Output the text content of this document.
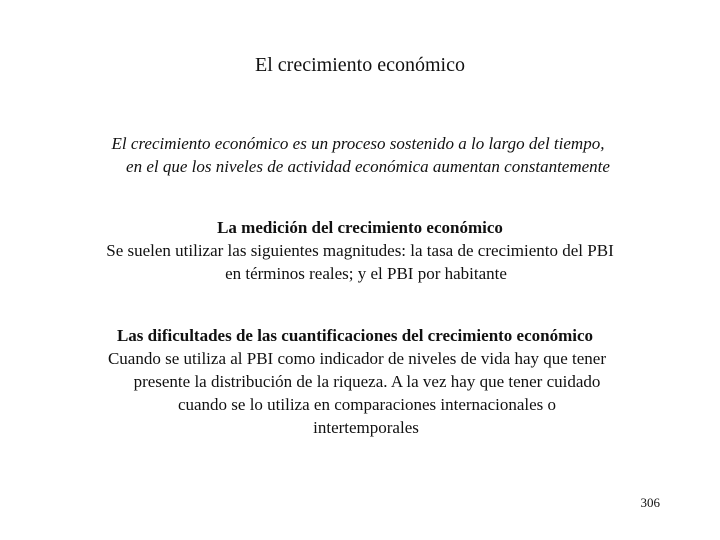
El crecimiento económico
El crecimiento económico es un proceso sostenido a lo largo del tiempo,
en el que los niveles de actividad económica aumentan constantemente
La medición del crecimiento económico
Se suelen utilizar las siguientes magnitudes: la tasa de crecimiento del PBI
en términos reales; y el PBI por habitante
Las dificultades de las cuantificaciones del crecimiento económico
Cuando se utiliza al PBI como indicador de niveles de vida hay que tener
presente la distribución de la riqueza. A la vez hay que tener cuidado
cuando se lo utiliza en comparaciones internacionales o
intertemporales
306
